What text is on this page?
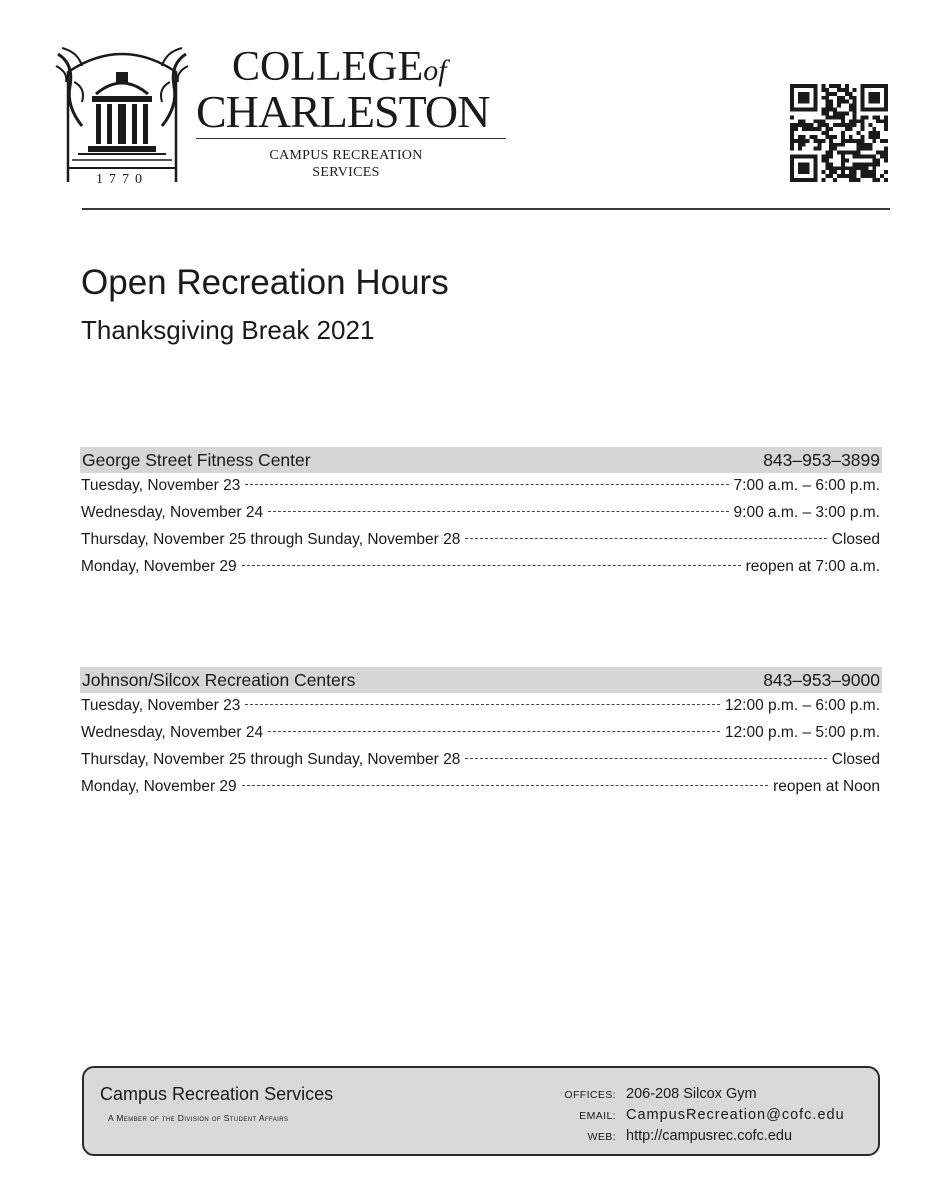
1770
COLLEGEof
CHARLESTON
CAMPUS RECREATION
SERVICES
Open Recreation Hours
Thanksgiving Break 2021
George Street Fitness Center	843–953–3899
Tuesday, November 23	7:00 a.m. – 6:00 p.m.
Wednesday, November 24	9:00 a.m. – 3:00 p.m.
Thursday, November 25 through Sunday, November 28	Closed
Monday, November 29	reopen at 7:00 a.m.
Johnson/Silcox Recreation Centers	843–953–9000
Tuesday, November 23	12:00 p.m. – 6:00 p.m.
Wednesday, November 24	12:00 p.m. – 5:00 p.m.
Thursday, November 25 through Sunday, November 28	Closed
Monday, November 29	reopen at Noon
Campus Recreation Services
A Member of the Division of Student Affairs
OFFICES: 206-208 Silcox Gym
EMAIL: CampusRecreation@cofc.edu
WEB: http://campusrec.cofc.edu
